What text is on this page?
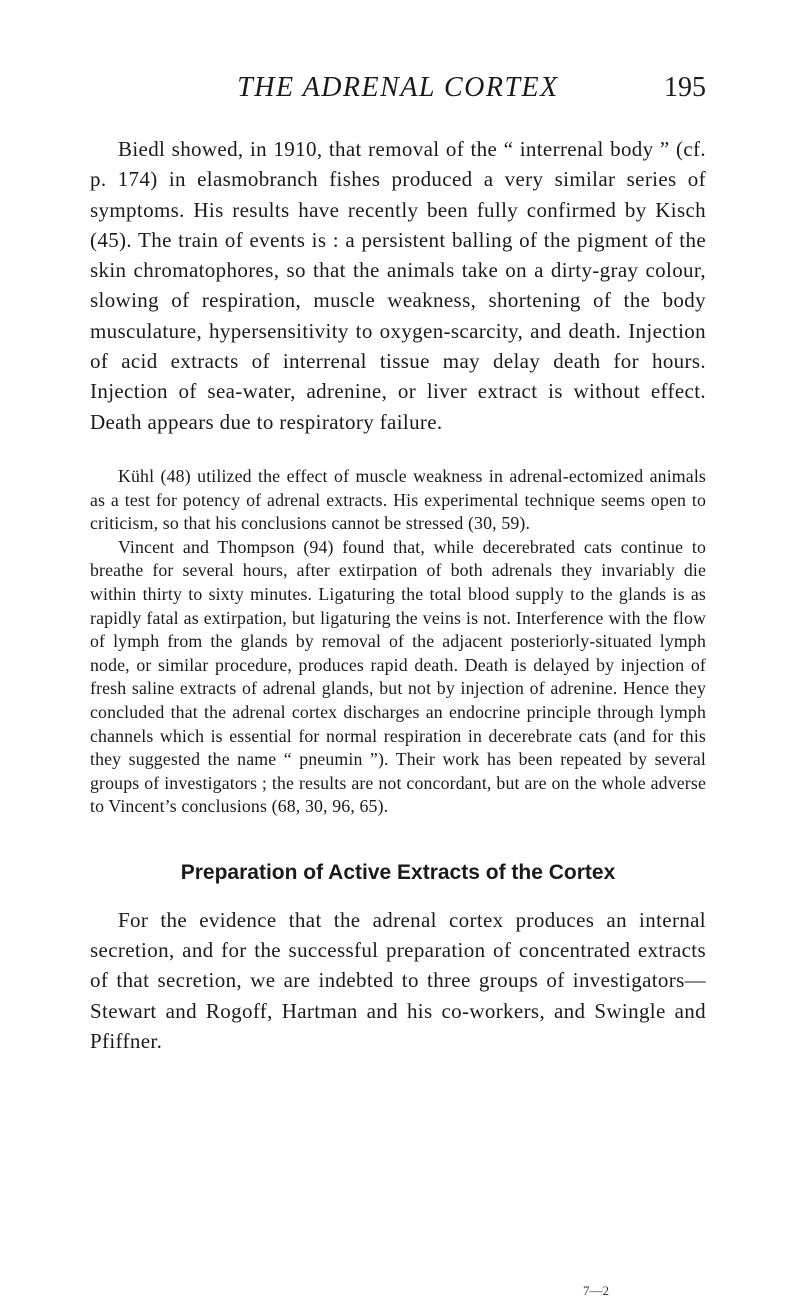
THE ADRENAL CORTEX	195

Biedl showed, in 1910, that removal of the “ interrenal body ” (cf. p. 174) in elasmobranch fishes produced a very similar series of symptoms. His results have recently been fully confirmed by Kisch (45). The train of events is : a persistent balling of the pigment of the skin chromatophores, so that the animals take on a dirty-gray colour, slowing of respiration, muscle weakness, shortening of the body musculature, hypersensitivity to oxygen-scarcity, and death. Injection of acid extracts of interrenal tissue may delay death for hours. Injection of sea-water, adrenine, or liver extract is without effect. Death appears due to respiratory failure.

Kühl (48) utilized the effect of muscle weakness in adrenal-ectomized animals as a test for potency of adrenal extracts. His experimental technique seems open to criticism, so that his conclusions cannot be stressed (30, 59).

Vincent and Thompson (94) found that, while decerebrated cats continue to breathe for several hours, after extirpation of both adrenals they invariably die within thirty to sixty minutes. Ligaturing the total blood supply to the glands is as rapidly fatal as extirpation, but ligaturing the veins is not. Interference with the flow of lymph from the glands by removal of the adjacent posteriorly-situated lymph node, or similar procedure, produces rapid death. Death is delayed by injection of fresh saline extracts of adrenal glands, but not by injection of adrenine. Hence they concluded that the adrenal cortex discharges an endocrine principle through lymph channels which is essential for normal respiration in decerebrate cats (and for this they suggested the name “ pneumin ”). Their work has been repeated by several groups of investigators ; the results are not concordant, but are on the whole adverse to Vincent’s conclusions (68, 30, 96, 65).

Preparation of Active Extracts of the Cortex

For the evidence that the adrenal cortex produces an internal secretion, and for the successful preparation of concentrated extracts of that secretion, we are indebted to three groups of investigators—Stewart and Rogoff, Hartman and his co-workers, and Swingle and Pfiffner.

7—2
